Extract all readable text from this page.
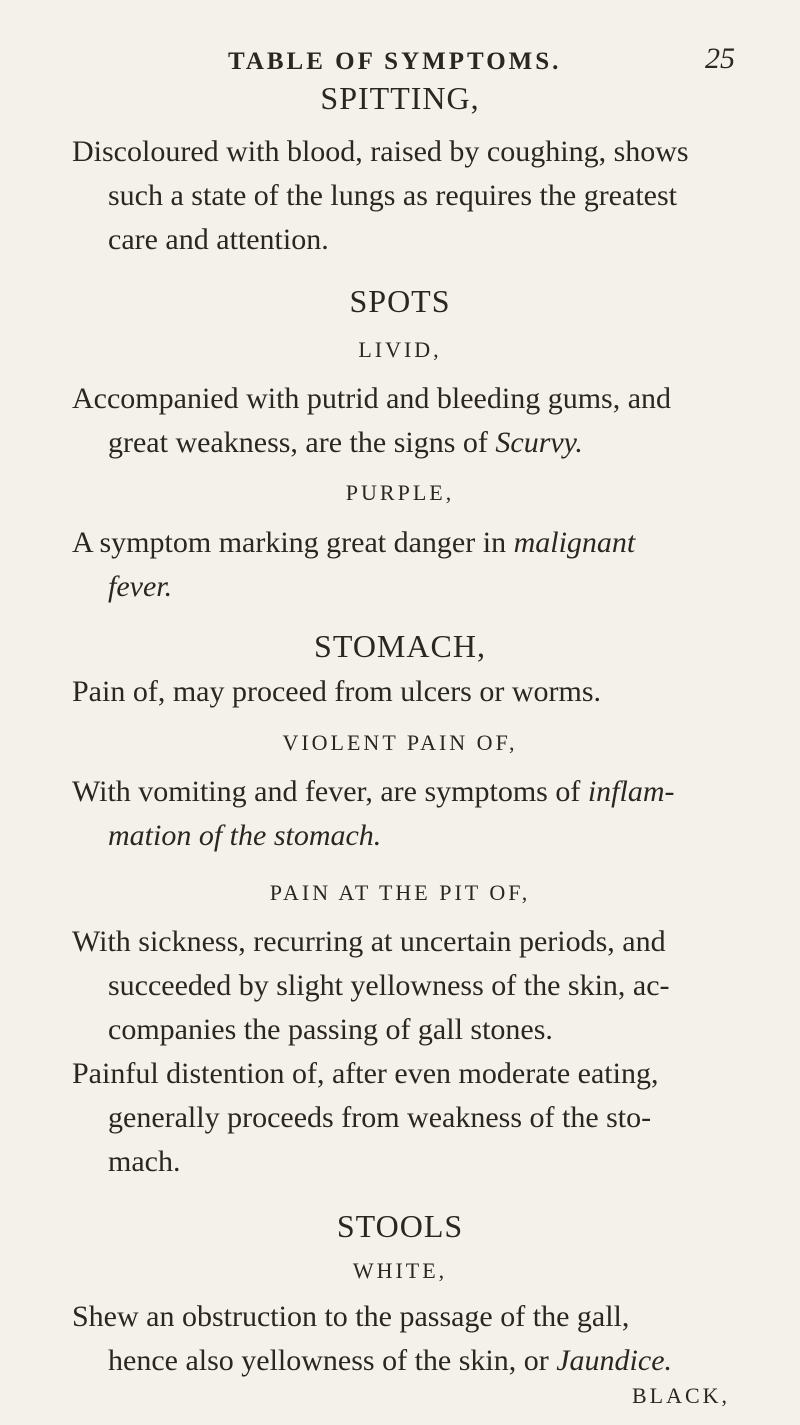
TABLE OF SYMPTOMS.	25
SPITTING,
Discoloured with blood, raised by coughing, shows
such a state of the lungs as requires the greatest
care and attention.
SPOTS
LIVID,
Accompanied with putrid and bleeding gums, and
great weakness, are the signs of Scurvy.
PURPLE,
A symptom marking great danger in malignant
fever.
STOMACH,
Pain of, may proceed from ulcers or worms.
VIOLENT PAIN OF,
With vomiting and fever, are symptoms of inflam-
mation of the stomach.
PAIN AT THE PIT OF,
With sickness, recurring at uncertain periods, and
succeeded by slight yellowness of the skin, ac-
companies the passing of gall stones.
Painful distention of, after even moderate eating,
generally proceeds from weakness of the sto-
mach.
STOOLS
WHITE,
Shew an obstruction to the passage of the gall,
hence also yellowness of the skin, or Jaundice.
BLACK,
